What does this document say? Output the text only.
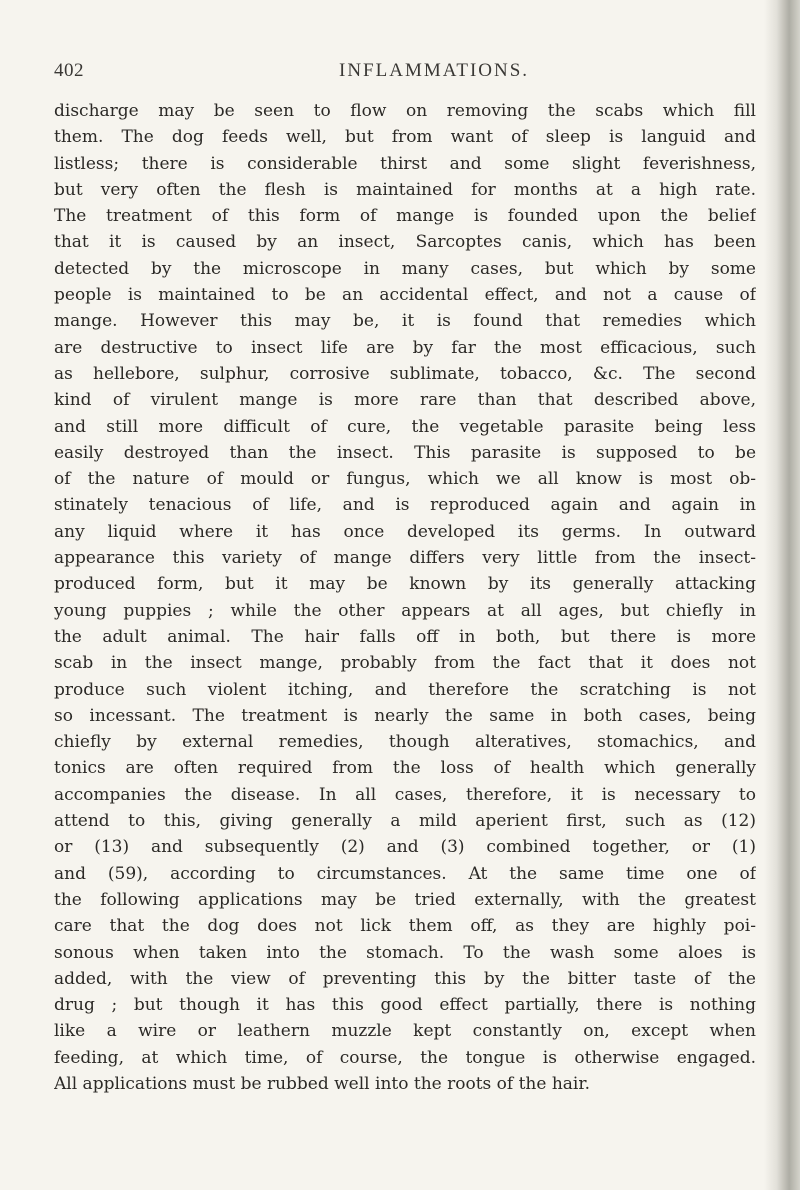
402	INFLAMMATIONS.
discharge may be seen to flow on removing the scabs which fill
them. The dog feeds well, but from want of sleep is languid and
listless; there is considerable thirst and some slight feverishness,
but very often the flesh is maintained for months at a high rate.
The treatment of this form of mange is founded upon the belief
that it is caused by an insect, Sarcoptes canis, which has been
detected by the microscope in many cases, but which by some
people is maintained to be an accidental effect, and not a cause of
mange. However this may be, it is found that remedies which
are destructive to insect life are by far the most efficacious, such
as hellebore, sulphur, corrosive sublimate, tobacco, &c. The second
kind of virulent mange is more rare than that described above,
and still more difficult of cure, the vegetable parasite being less
easily destroyed than the insect. This parasite is supposed to be
of the nature of mould or fungus, which we all know is most ob-
stinately tenacious of life, and is reproduced again and again in
any liquid where it has once developed its germs. In outward
appearance this variety of mange differs very little from the insect-
produced form, but it may be known by its generally attacking
young puppies ; while the other appears at all ages, but chiefly in
the adult animal. The hair falls off in both, but there is more
scab in the insect mange, probably from the fact that it does not
produce such violent itching, and therefore the scratching is not
so incessant. The treatment is nearly the same in both cases, being
chiefly by external remedies, though alteratives, stomachics, and
tonics are often required from the loss of health which generally
accompanies the disease. In all cases, therefore, it is necessary to
attend to this, giving generally a mild aperient first, such as (12)
or (13) and subsequently (2) and (3) combined together, or (1)
and (59), according to circumstances. At the same time one of
the following applications may be tried externally, with the greatest
care that the dog does not lick them off, as they are highly poi-
sonous when taken into the stomach. To the wash some aloes is
added, with the view of preventing this by the bitter taste of the
drug ; but though it has this good effect partially, there is nothing
like a wire or leathern muzzle kept constantly on, except when
feeding, at which time, of course, the tongue is otherwise engaged.
All applications must be rubbed well into the roots of the hair.
